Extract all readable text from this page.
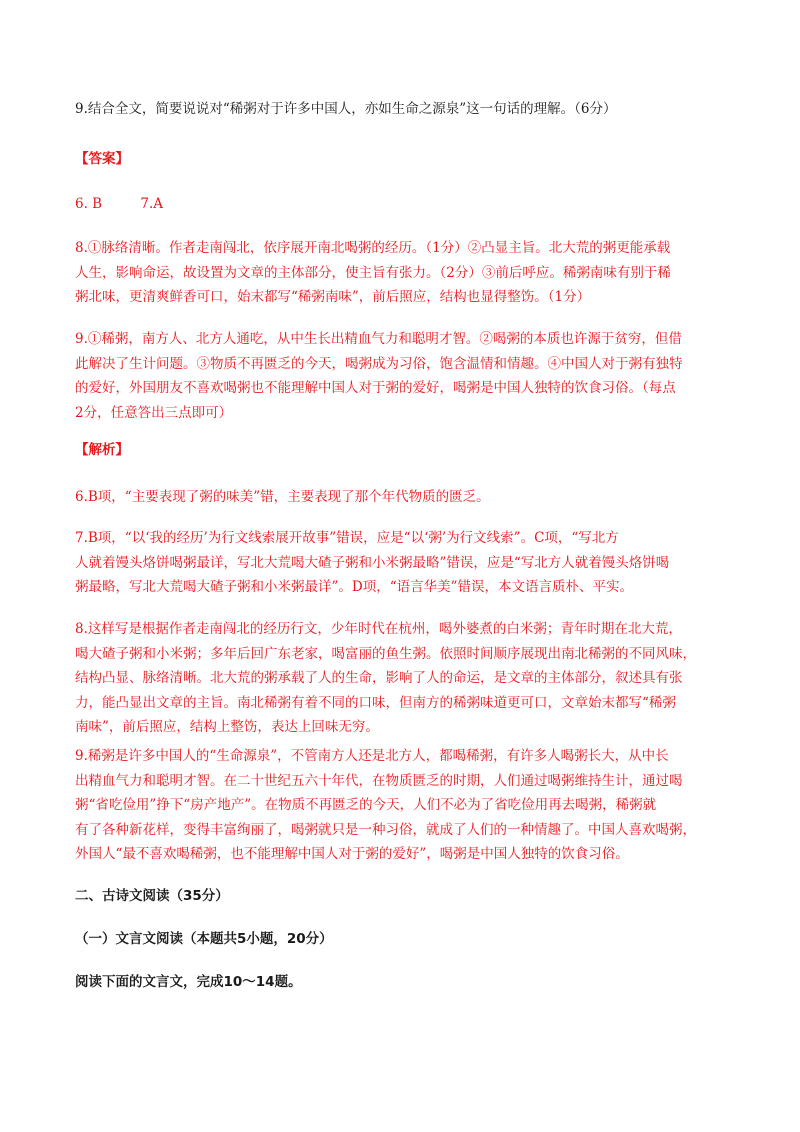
9.结合全文，简要说说对“稀粥对于许多中国人，亦如生命之源泉”这一句话的理解。（6分）

【答案】

6. B	7.A
8.①脉络清晰。作者走南闯北，依序展开南北喝粥的经历。（1分）②凸显主旨。北大荒的粥更能承载
人生，影响命运，故设置为文章的主体部分，使主旨有张力。（2分）③前后呼应。稀粥南味有别于稀
粥北味，更清爽鲜香可口，始末都写“稀粥南味”，前后照应，结构也显得整饬。（1分）
9.①稀粥，南方人、北方人通吃，从中生长出精血气力和聪明才智。②喝粥的本质也许源于贫穷，但借
此解决了生计问题。③物质不再匮乏的今天，喝粥成为习俗，饱含温情和情趣。④中国人对于粥有独特
的爱好，外国朋友不喜欢喝粥也不能理解中国人对于粥的爱好，喝粥是中国人独特的饮食习俗。（每点
2分，任意答出三点即可）

【解析】

6.B项，“主要表现了粥的味美”错，主要表现了那个年代物质的匮乏。

7.B项，“以‘我的经历’为行文线索展开故事”错误，应是“以‘粥’为行文线索”。C项，“写北方
人就着馒头烙饼喝粥最详，写北大荒喝大碴子粥和小米粥最略”错误，应是“写北方人就着馒头烙饼喝
粥最略，写北大荒喝大碴子粥和小米粥最详”。D项，“语言华美”错误，本文语言质朴、平实。
8.这样写是根据作者走南闯北的经历行文，少年时代在杭州，喝外婆煮的白米粥；青年时期在北大荒，
喝大碴子粥和小米粥；多年后回广东老家，喝富丽的鱼生粥。依照时间顺序展现出南北稀粥的不同风味，
结构凸显、脉络清晰。北大荒的粥承载了人的生命，影响了人的命运，是文章的主体部分，叙述具有张
力，能凸显出文章的主旨。南北稀粥有着不同的口味，但南方的稀粥味道更可口，文章始末都写“稀粥
南味”，前后照应，结构上整饬，表达上回味无穷。
9.稀粥是许多中国人的“生命源泉”，不管南方人还是北方人，都喝稀粥，有许多人喝粥长大，从中长
出精血气力和聪明才智。在二十世纪五六十年代，在物质匮乏的时期，人们通过喝粥维持生计，通过喝
粥“省吃俭用”挣下“房产地产”。在物质不再匮乏的今天，人们不必为了省吃俭用再去喝粥，稀粥就
有了各种新花样，变得丰富绚丽了，喝粥就只是一种习俗，就成了人们的一种情趣了。中国人喜欢喝粥，
外国人“最不喜欢喝稀粥，也不能理解中国人对于粥的爱好”，喝粥是中国人独特的饮食习俗。

二、古诗文阅读（35分）

（一）文言文阅读（本题共5小题，20分）

阅读下面的文言文，完成10～14题。
